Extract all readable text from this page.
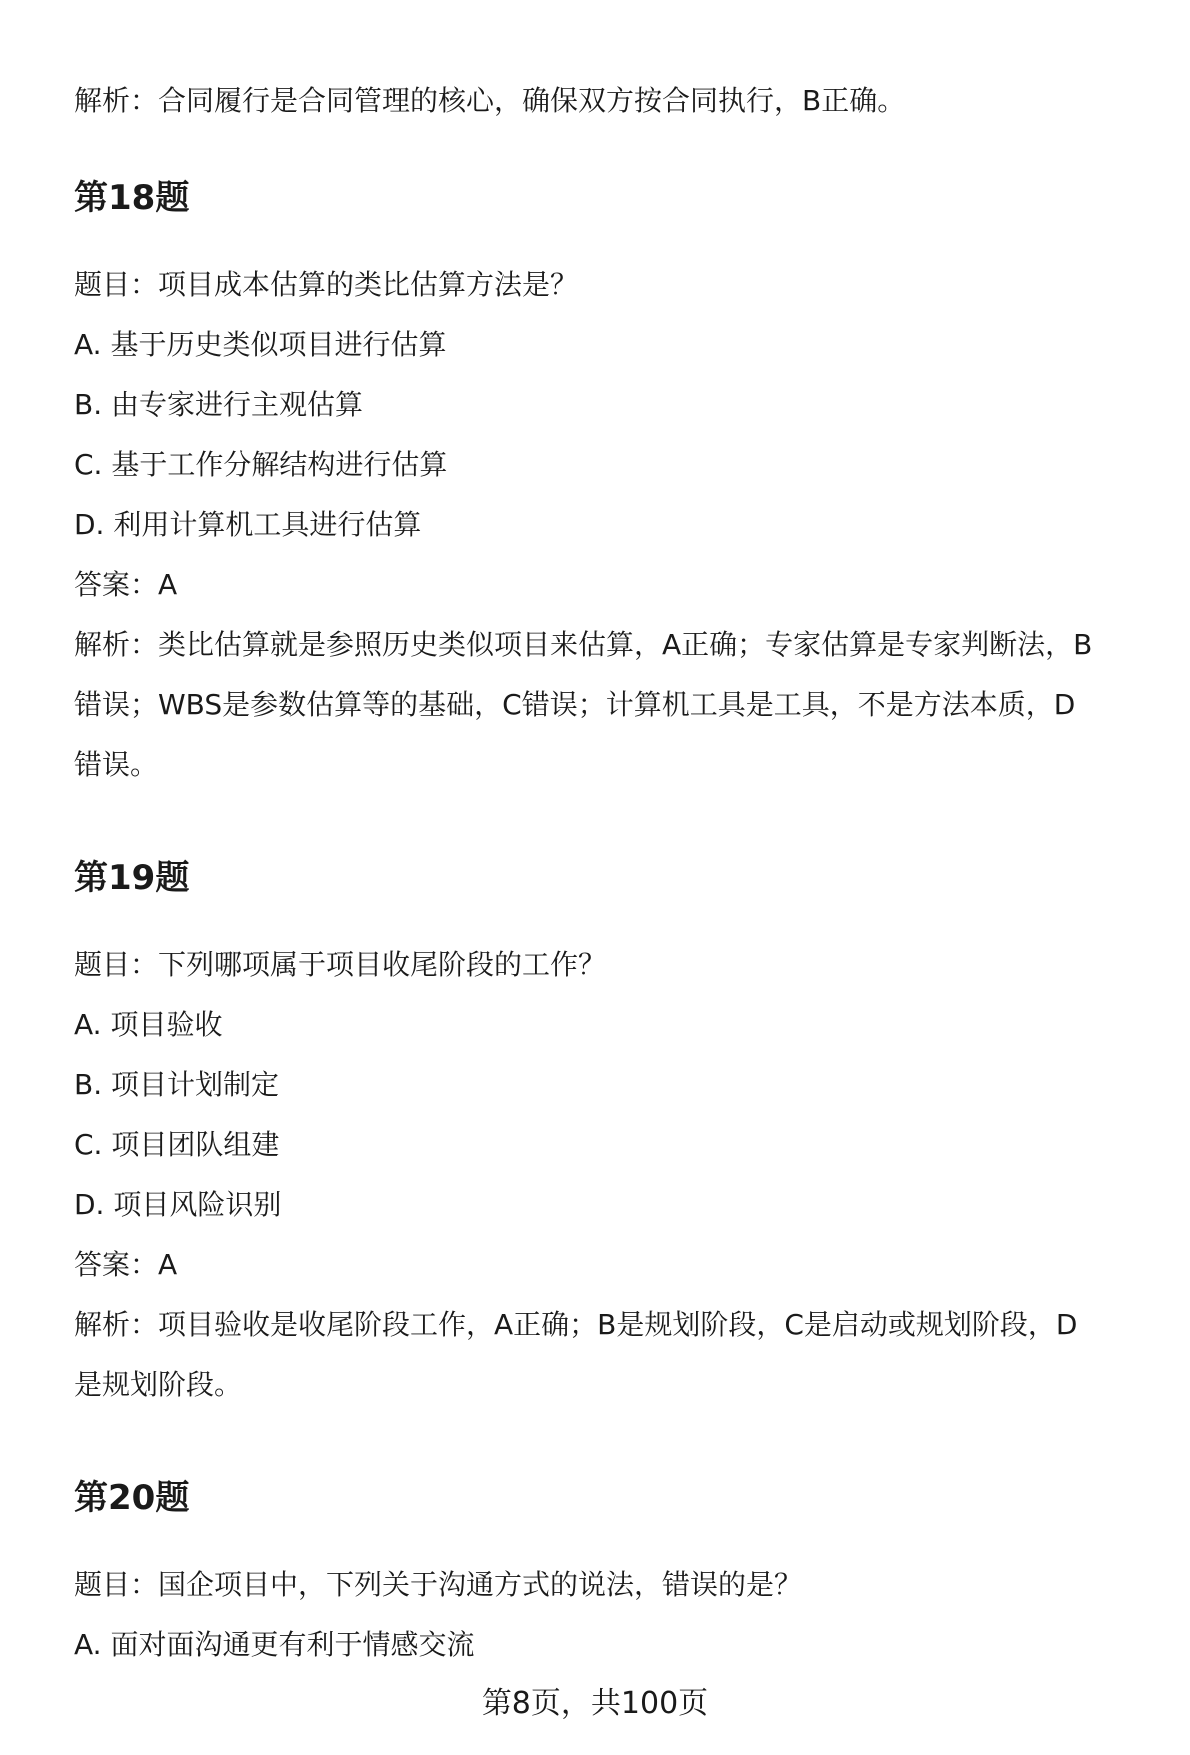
解析：合同履行是合同管理的核心，确保双方按合同执行，B正确。
第18题
题目：项目成本估算的类比估算方法是？
A. 基于历史类似项目进行估算
B. 由专家进行主观估算
C. 基于工作分解结构进行估算
D. 利用计算机工具进行估算
答案：A
解析：类比估算就是参照历史类似项目来估算，A正确；专家估算是专家判断法，B
错误；WBS是参数估算等的基础，C错误；计算机工具是工具，不是方法本质，D
错误。
第19题
题目：下列哪项属于项目收尾阶段的工作？
A. 项目验收
B. 项目计划制定
C. 项目团队组建
D. 项目风险识别
答案：A
解析：项目验收是收尾阶段工作，A正确；B是规划阶段，C是启动或规划阶段，D
是规划阶段。
第20题
题目：国企项目中，下列关于沟通方式的说法，错误的是？
A. 面对面沟通更有利于情感交流
第8页，共100页
